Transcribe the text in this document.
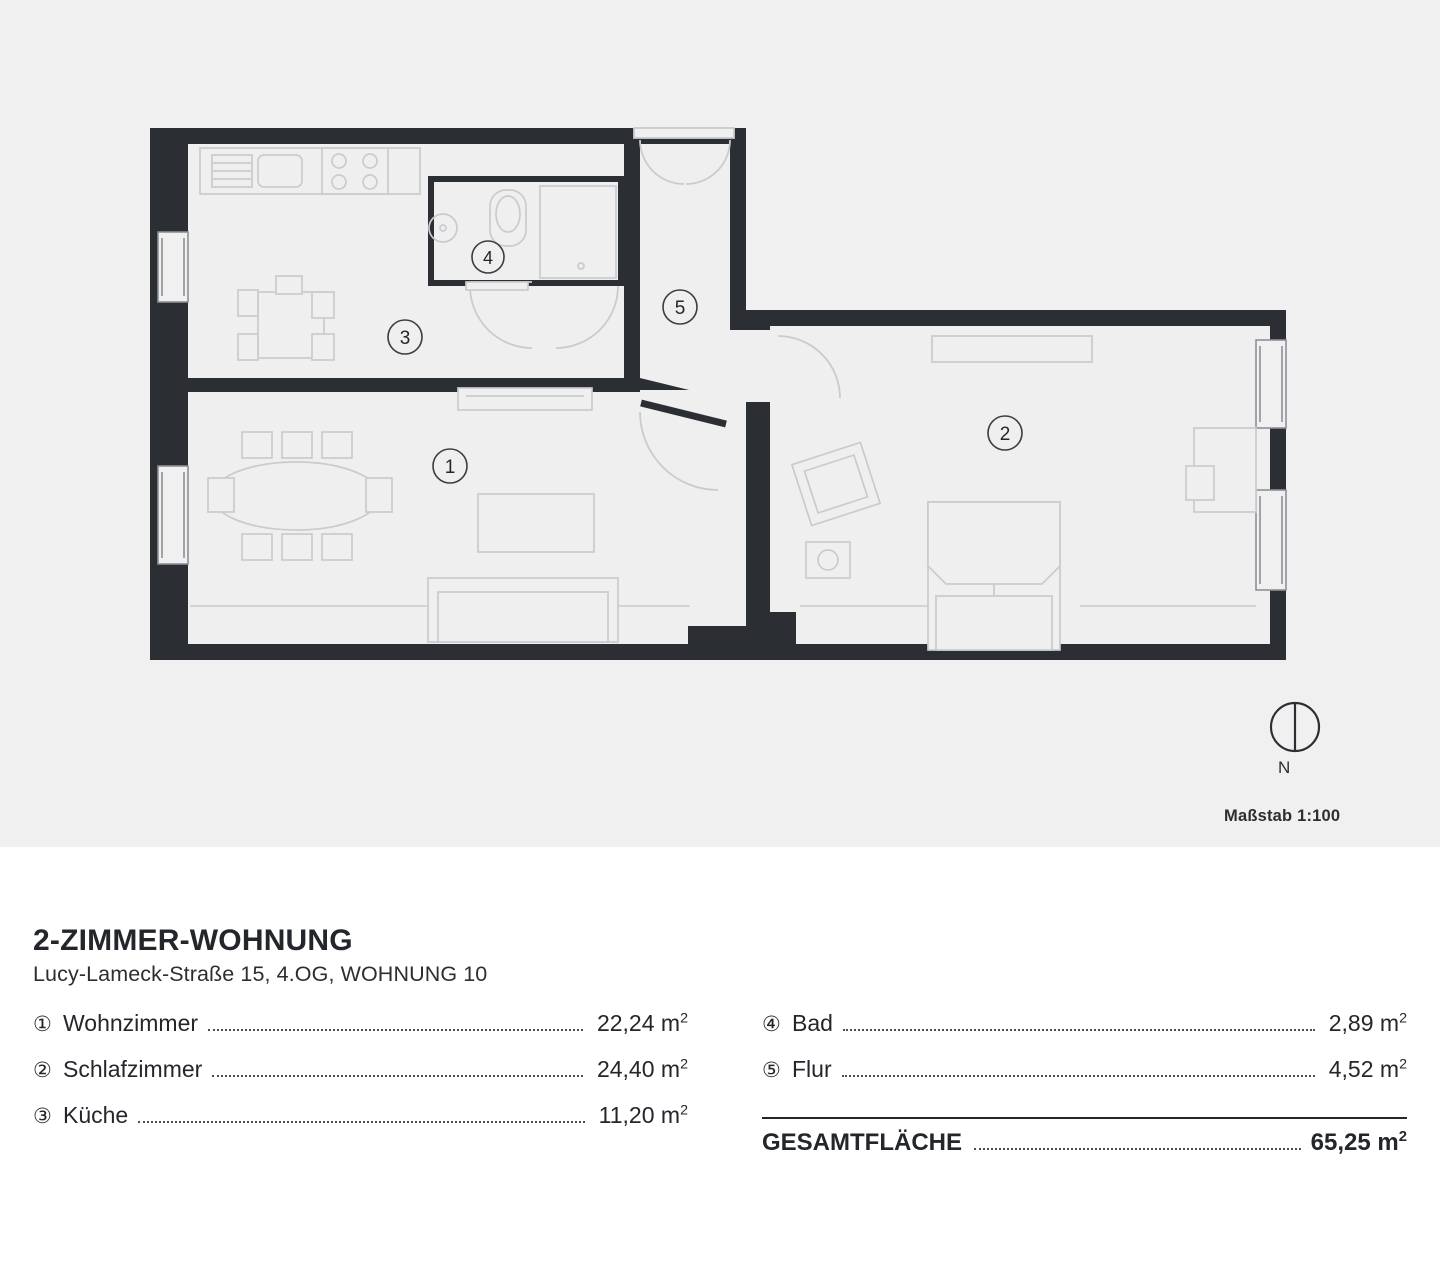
1
2
3
4
5
N
Maßstab 1:100
2-ZIMMER-WOHNUNG
Lucy-Lameck-Straße 15, 4.OG, WOHNUNG 10
① Wohnzimmer	22,24 $m^2$
② Schlafzimmer	24,40 $m^2$
③ Küche	11,20 $m^2$
④ Bad	2,89 $m^2$
⑤ Flur	4,52 $m^2$
GESAMTFLÄCHE	65,25 $m^2$
